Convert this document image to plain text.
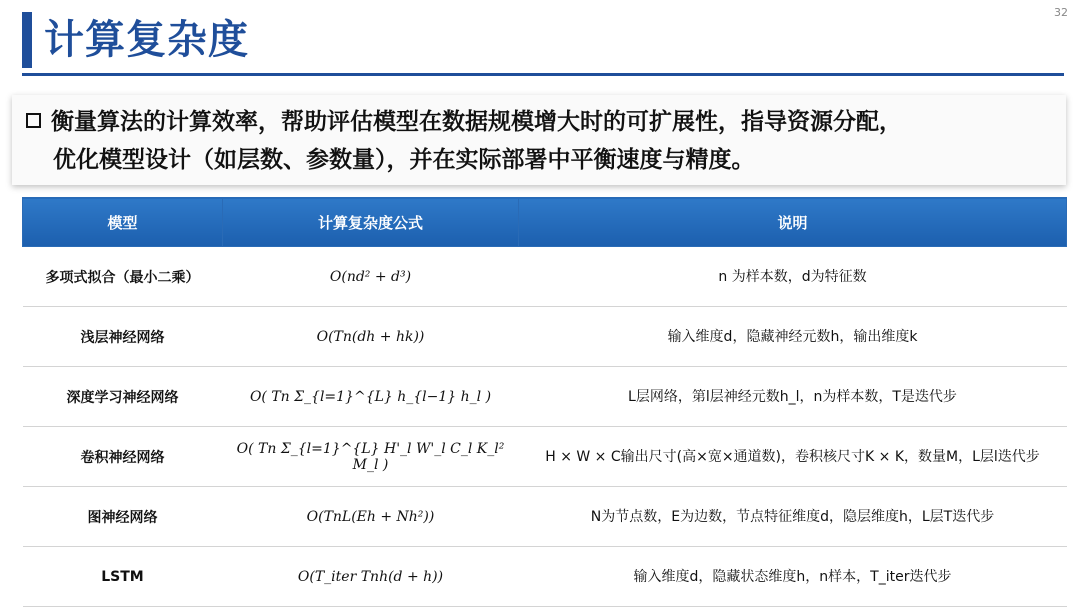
计算复杂度
32
衡量算法的计算效率，帮助评估模型在数据规模增大时的可扩展性，指导资源分配，
优化模型设计（如层数、参数量），并在实际部署中平衡速度与精度。
模型	计算复杂度公式	说明
多项式拟合（最小二乘）	O(nd² + d³)	n 为样本数，d为特征数
浅层神经网络	O(Tn(dh + hk))	输入维度d，隐藏神经元数h，输出维度k
深度学习神经网络	O( Tn Σ_{l=1}^{L} h_{l−1} h_l )	L层网络，第l层神经元数h_l，n为样本数，T是迭代步
卷积神经网络	O( Tn Σ_{l=1}^{L} H'_l W'_l C_l K_l² M_l )	H × W × C输出尺寸(高×宽×通道数)，卷积核尺寸K × K，数量M，L层l迭代步
图神经网络	O(TnL(Eh + Nh²))	N为节点数，E为边数，节点特征维度d，隐层维度h，L层T迭代步
LSTM	O(T_iter Tnh(d + h))	输入维度d，隐藏状态维度h，n样本，T_iter迭代步
